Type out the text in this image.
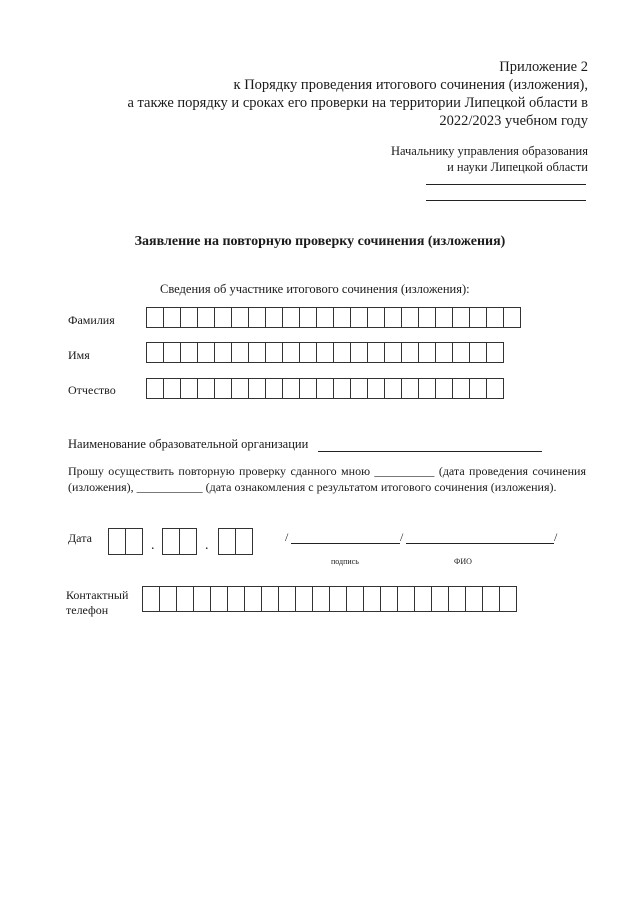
Приложение 2
к Порядку проведения итогового сочинения (изложения),
а также порядку и сроках его проверки на территории Липецкой области в
2022/2023 учебном году
Начальнику управления образования
и науки Липецкой области
Заявление на повторную проверку сочинения (изложения)
Сведения об участнике итогового сочинения (изложения):
Фамилия
Имя
Отчество
Наименование образовательной организации
Прошу осуществить повторную проверку сданного мною __________ (дата проведения сочинения (изложения), ___________ (дата ознакомления с результатом итогового сочинения (изложения).
Дата	.	.
/	/	/
подпись	ФИО
Контактный
телефон
